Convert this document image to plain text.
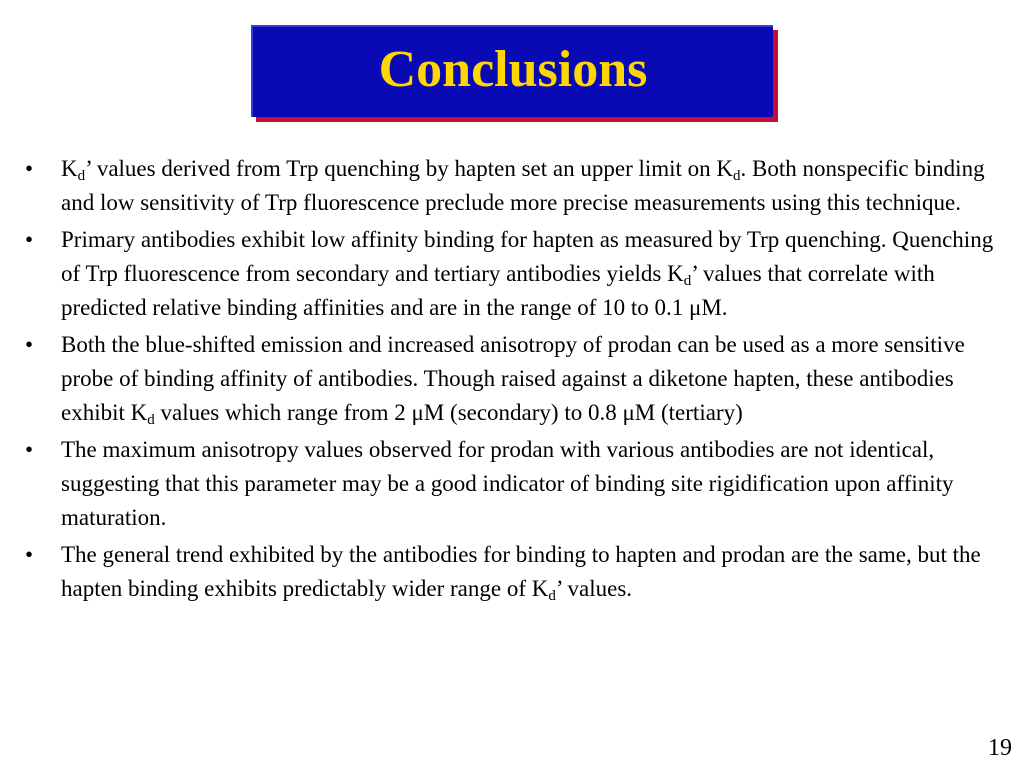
Conclusions
• $K_d$’ values derived from Trp quenching by hapten set an upper limit on $K_d$. Both nonspecific binding and low sensitivity of Trp fluorescence preclude more precise measurements using this technique.
• Primary antibodies exhibit low affinity binding for hapten as measured by Trp quenching. Quenching of Trp fluorescence from secondary and tertiary antibodies yields $K_d$’ values that correlate with predicted relative binding affinities and are in the range of 10 to 0.1 μM.
• Both the blue-shifted emission and increased anisotropy of prodan can be used as a more sensitive probe of binding affinity of antibodies. Though raised against a diketone hapten, these antibodies exhibit $K_d$ values which range from 2 μM (secondary) to 0.8 μM (tertiary)
• The maximum anisotropy values observed for prodan with various antibodies are not identical, suggesting that this parameter may be a good indicator of binding site rigidification upon affinity maturation.
• The general trend exhibited by the antibodies for binding to hapten and prodan are the same, but the hapten binding exhibits predictably wider range of $K_d$’ values.
19
